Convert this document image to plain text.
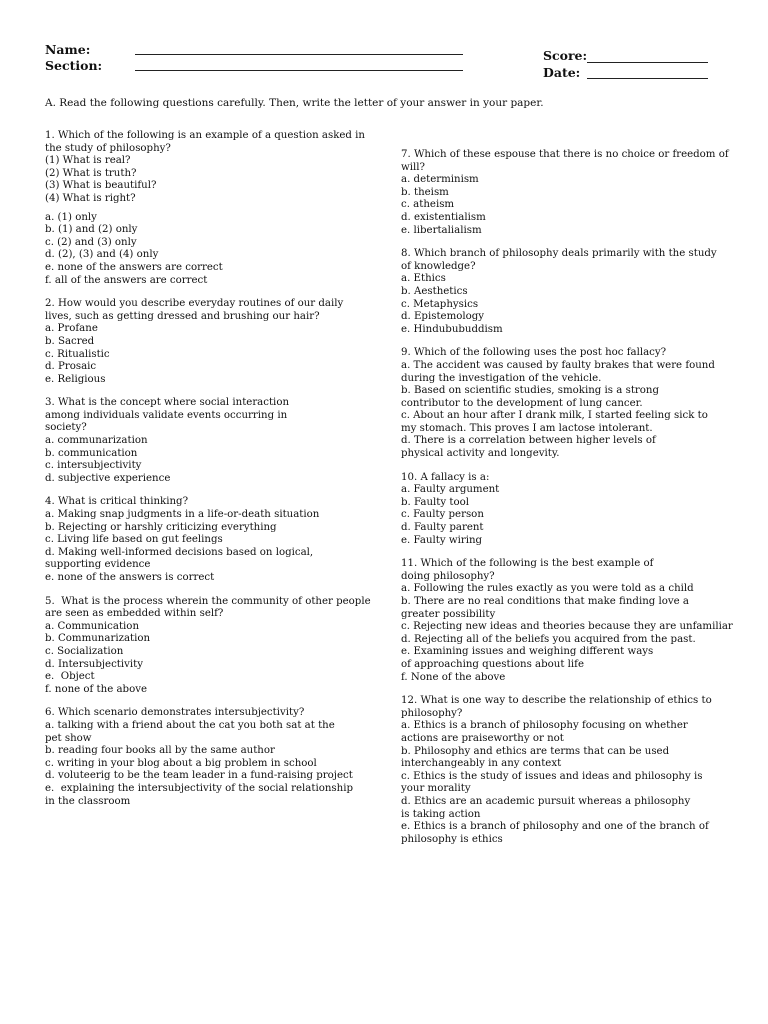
Name:
Section:
Score:
Date:
A. Read the following questions carefully. Then, write the letter of your answer in your paper.
1. Which of the following is an example of a question asked in
the study of philosophy?
(1) What is real?
(2) What is truth?
(3) What is beautiful?
(4) What is right?
a. (1) only
b. (1) and (2) only
c. (2) and (3) only
d. (2), (3) and (4) only
e. none of the answers are correct
f. all of the answers are correct
2. How would you describe everyday routines of our daily
lives, such as getting dressed and brushing our hair?
a. Profane
b. Sacred
c. Ritualistic
d. Prosaic
e. Religious
3. What is the concept where social interaction
among individuals validate events occurring in
society?
a. communarization
b. communication
c. intersubjectivity
d. subjective experience
4. What is critical thinking?
a. Making snap judgments in a life-or-death situation
b. Rejecting or harshly criticizing everything
c. Living life based on gut feelings
d. Making well-informed decisions based on logical,
supporting evidence
e. none of the answers is correct
5.  What is the process wherein the community of other people
are seen as embedded within self?
a. Communication
b. Communarization
c. Socialization
d. Intersubjectivity
e.  Object
f. none of the above
6. Which scenario demonstrates intersubjectivity?
a. talking with a friend about the cat you both sat at the
pet show
b. reading four books all by the same author
c. writing in your blog about a big problem in school
d. voluteerig to be the team leader in a fund-raising project
e.  explaining the intersubjectivity of the social relationship
in the classroom
7. Which of these espouse that there is no choice or freedom of
will?
a. determinism
b. theism
c. atheism
d. existentialism
e. libertalialism
8. Which branch of philosophy deals primarily with the study
of knowledge?
a. Ethics
b. Aesthetics
c. Metaphysics
d. Epistemology
e. Hindububuddism
9. Which of the following uses the post hoc fallacy?
a. The accident was caused by faulty brakes that were found
during the investigation of the vehicle.
b. Based on scientific studies, smoking is a strong
contributor to the development of lung cancer.
c. About an hour after I drank milk, I started feeling sick to
my stomach. This proves I am lactose intolerant.
d. There is a correlation between higher levels of
physical activity and longevity.
10. A fallacy is a:
a. Faulty argument
b. Faulty tool
c. Faulty person
d. Faulty parent
e. Faulty wiring
11. Which of the following is the best example of
doing philosophy?
a. Following the rules exactly as you were told as a child
b. There are no real conditions that make finding love a
greater possibility
c. Rejecting new ideas and theories because they are unfamiliar
d. Rejecting all of the beliefs you acquired from the past.
e. Examining issues and weighing different ways
of approaching questions about life
f. None of the above
12. What is one way to describe the relationship of ethics to
philosophy?
a. Ethics is a branch of philosophy focusing on whether
actions are praiseworthy or not
b. Philosophy and ethics are terms that can be used
interchangeably in any context
c. Ethics is the study of issues and ideas and philosophy is
your morality
d. Ethics are an academic pursuit whereas a philosophy
is taking action
e. Ethics is a branch of philosophy and one of the branch of
philosophy is ethics
